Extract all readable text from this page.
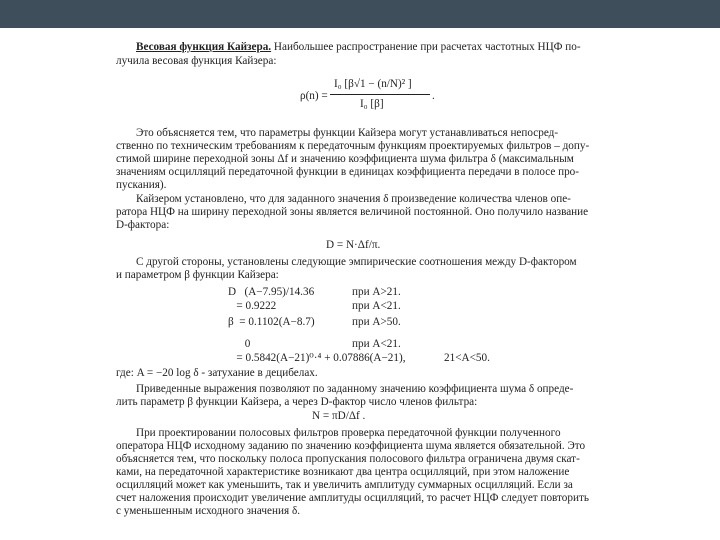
Весовая функция Кайзера. Наибольшее распространение при расчетах частотных НЦФ по-
лучила весовая функция Кайзера:
ρ(n) =
I₀ [β√1 − (n/N)² ]
I₀ [β]
.
Это объясняется тем, что параметры функции Кайзера могут устанавливаться непосред-
ственно по техническим требованиям к передаточным функциям проектируемых фильтров – допу-
стимой ширине переходной зоны Δf и значению коэффициента шума фильтра δ (максимальным
значениям осцилляций передаточной функции в единицах коэффициента передачи в полосе про-
пускания).
Кайзером установлено, что для заданного значения δ произведение количества членов опе-
ратора НЦФ на ширину переходной зоны является величиной постоянной. Оно получило название
D-фактора:
D = N·Δf/π.
С другой стороны, установлены следующие эмпирические соотношения между D-фактором
и параметром β функции Кайзера:
D   (A−7.95)/14.36	при A>21.
= 0.9222	при A<21.
β  = 0.1102(A−8.7)	при A>50.
0	при A<21.
= 0.5842(A−21)⁰·⁴ + 0.07886(A−21),	21<A<50.
где: A = −20 log δ - затухание в децибелах.
Приведенные выражения позволяют по заданному значению коэффициента шума δ опреде-
лить параметр β функции Кайзера, а через D-фактор число членов фильтра:
N = πD/Δf .
При проектировании полосовых фильтров проверка передаточной функции полученного
оператора НЦФ исходному заданию по значению коэффициента шума является обязательной. Это
объясняется тем, что поскольку полоса пропускания полосового фильтра ограничена двумя скат-
ками, на передаточной характеристике возникают два центра осцилляций, при этом наложение
осцилляций может как уменьшить, так и увеличить амплитуду суммарных осцилляций. Если за
счет наложения происходит увеличение амплитуды осцилляций, то расчет НЦФ следует повторить
с уменьшенным исходного значения δ.
